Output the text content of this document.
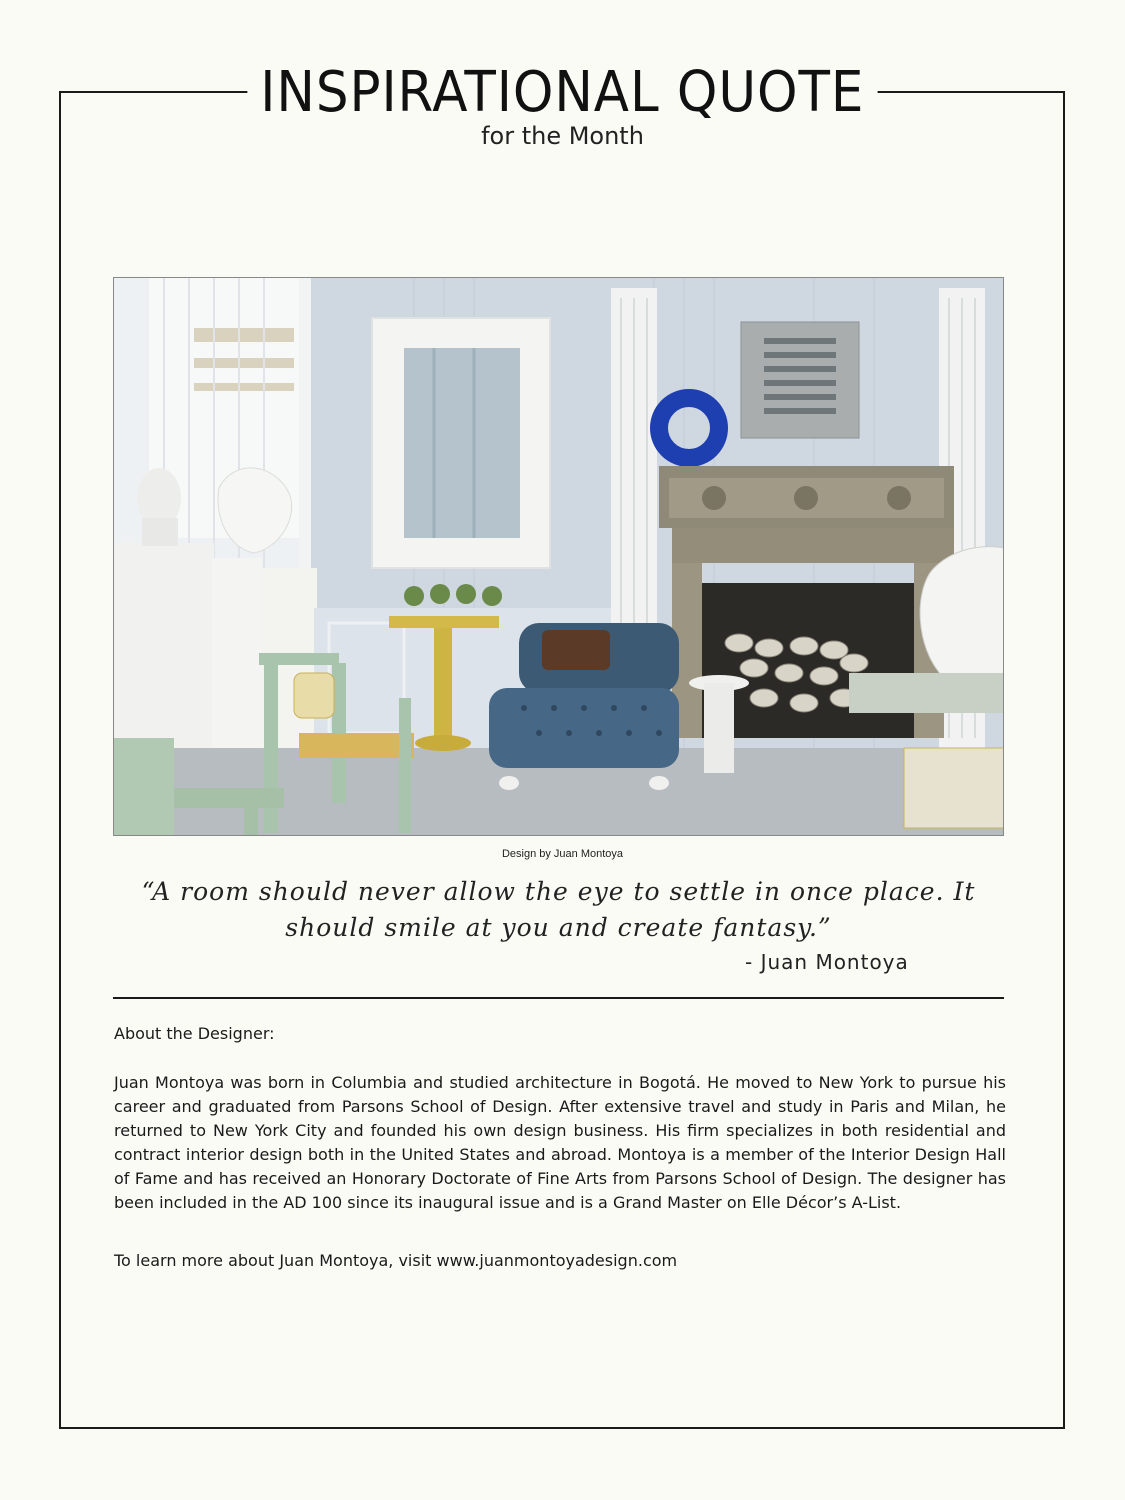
INSPIRATIONAL QUOTE
for the Month
Design by Juan Montoya
“A room should never allow the eye to settle in once place. It should smile at you and create fantasy.”
- Juan Montoya
About the Designer:
Juan Montoya was born in Columbia and studied architecture in Bogotá. He moved to New York to pursue his career and graduated from Parsons School of Design. After extensive travel and study in Paris and Milan, he returned to New York City and founded his own design business. His firm specializes in both residential and contract interior design both in the United States and abroad. Montoya is a member of the Interior Design Hall of Fame and has received an Honorary Doctorate of Fine Arts from Parsons School of Design. The designer has been included in the AD 100 since its inaugural issue and is a Grand Master on Elle Décor’s A-List.
To learn more about Juan Montoya, visit www.juanmontoyadesign.com
